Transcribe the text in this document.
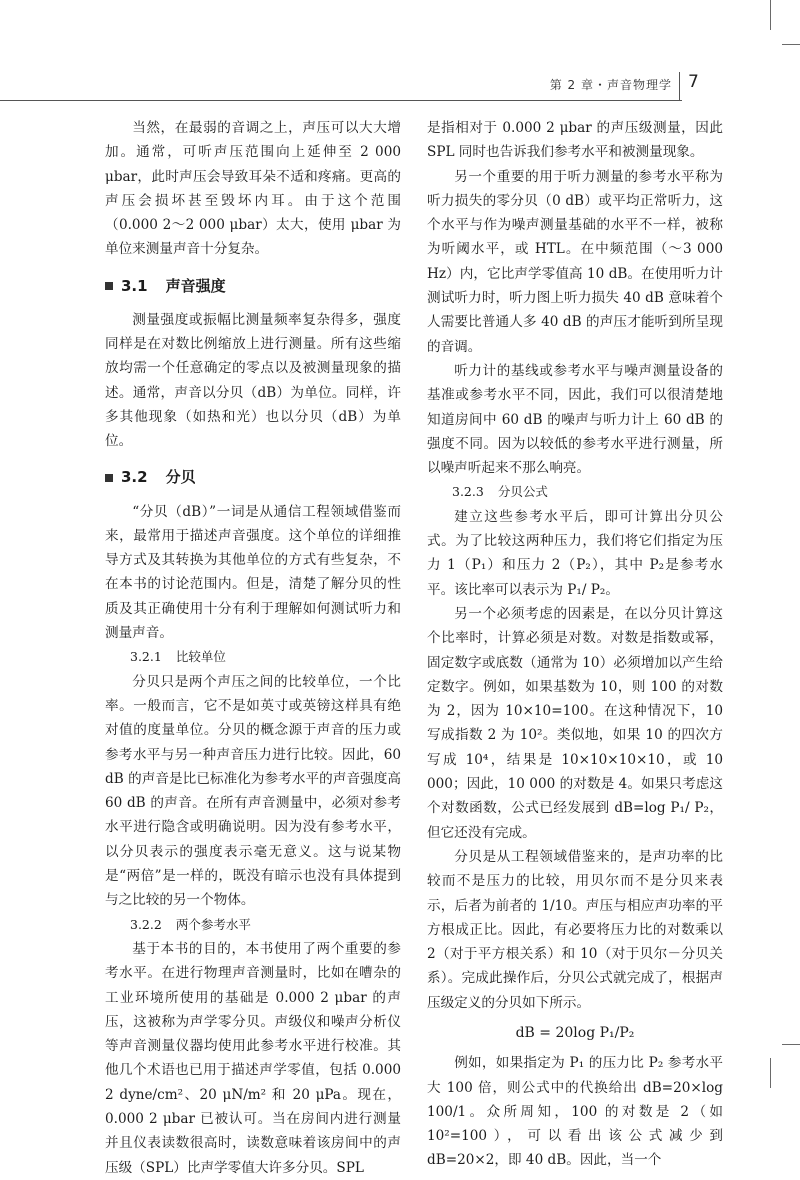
第 2 章・声音物理学 7

当然，在最弱的音调之上，声压可以大大增加。通常，可听声压范围向上延伸至 2 000 μbar，此时声压会导致耳朵不适和疼痛。更高的声压会损坏甚至毁坏内耳。由于这个范围（0.000 2～2 000 μbar）太大，使用 μbar 为单位来测量声音十分复杂。

3.1 声音强度

测量强度或振幅比测量频率复杂得多，强度同样是在对数比例缩放上进行测量。所有这些缩放均需一个任意确定的零点以及被测量现象的描述。通常，声音以分贝（dB）为单位。同样，许多其他现象（如热和光）也以分贝（dB）为单位。

3.2 分贝

“分贝（dB）”一词是从通信工程领域借鉴而来，最常用于描述声音强度。这个单位的详细推导方式及其转换为其他单位的方式有些复杂，不在本书的讨论范围内。但是，清楚了解分贝的性质及其正确使用十分有利于理解如何测试听力和测量声音。

3.2.1 比较单位

分贝只是两个声压之间的比较单位，一个比率。一般而言，它不是如英寸或英镑这样具有绝对值的度量单位。分贝的概念源于声音的压力或参考水平与另一种声音压力进行比较。因此，60 dB 的声音是比已标准化为参考水平的声音强度高 60 dB 的声音。在所有声音测量中，必须对参考水平进行隐含或明确说明。因为没有参考水平，以分贝表示的强度表示毫无意义。这与说某物是“两倍”是一样的，既没有暗示也没有具体提到与之比较的另一个物体。

3.2.2 两个参考水平

基于本书的目的，本书使用了两个重要的参考水平。在进行物理声音测量时，比如在嘈杂的工业环境所使用的基础是 0.000 2 μbar 的声压，这被称为声学零分贝。声级仪和噪声分析仪等声音测量仪器均使用此参考水平进行校准。其他几个术语也已用于描述声学零值，包括 0.000 2 dyne/cm²、20 μN/m² 和 20 μPa。现在，0.000 2 μbar 已被认可。当在房间内进行测量并且仪表读数很高时，读数意味着该房间中的声压级（SPL）比声学零值大许多分贝。SPL

是指相对于 0.000 2 μbar 的声压级测量，因此 SPL 同时也告诉我们参考水平和被测量现象。

另一个重要的用于听力测量的参考水平称为听力损失的零分贝（0 dB）或平均正常听力，这个水平与作为噪声测量基础的水平不一样，被称为听阈水平，或 HTL。在中频范围（～3 000 Hz）内，它比声学零值高 10 dB。在使用听力计测试听力时，听力图上听力损失 40 dB 意味着个人需要比普通人多 40 dB 的声压才能听到所呈现的音调。

听力计的基线或参考水平与噪声测量设备的基准或参考水平不同，因此，我们可以很清楚地知道房间中 60 dB 的噪声与听力计上 60 dB 的强度不同。因为以较低的参考水平进行测量，所以噪声听起来不那么响亮。

3.2.3 分贝公式

建立这些参考水平后，即可计算出分贝公式。为了比较这两种压力，我们将它们指定为压力 1（P₁）和压力 2（P₂），其中 P₂是参考水平。该比率可以表示为 P₁/ P₂。

另一个必须考虑的因素是，在以分贝计算这个比率时，计算必须是对数。对数是指数或幂，固定数字或底数（通常为 10）必须增加以产生给定数字。例如，如果基数为 10，则 100 的对数为 2，因为 10×10=100。在这种情况下，10 写成指数 2 为 10²。类似地，如果 10 的四次方写成 10⁴，结果是 10×10×10×10，或 10 000；因此，10 000 的对数是 4。如果只考虑这个对数函数，公式已经发展到 dB=log P₁/ P₂，但它还没有完成。

分贝是从工程领域借鉴来的，是声功率的比较而不是压力的比较，用贝尔而不是分贝来表示，后者为前者的 1/10。声压与相应声功率的平方根成正比。因此，有必要将压力比的对数乘以 2（对于平方根关系）和 10（对于贝尔－分贝关系）。完成此操作后，分贝公式就完成了，根据声压级定义的分贝如下所示。

dB = 20log P₁/P₂

例如，如果指定为 P₁ 的压力比 P₂ 参考水平大 100 倍，则公式中的代换给出 dB=20×log 100/1。众所周知，100 的对数是 2（如 10²=100），可以看出该公式减少到 dB=20×2，即 40 dB。因此，当一个
